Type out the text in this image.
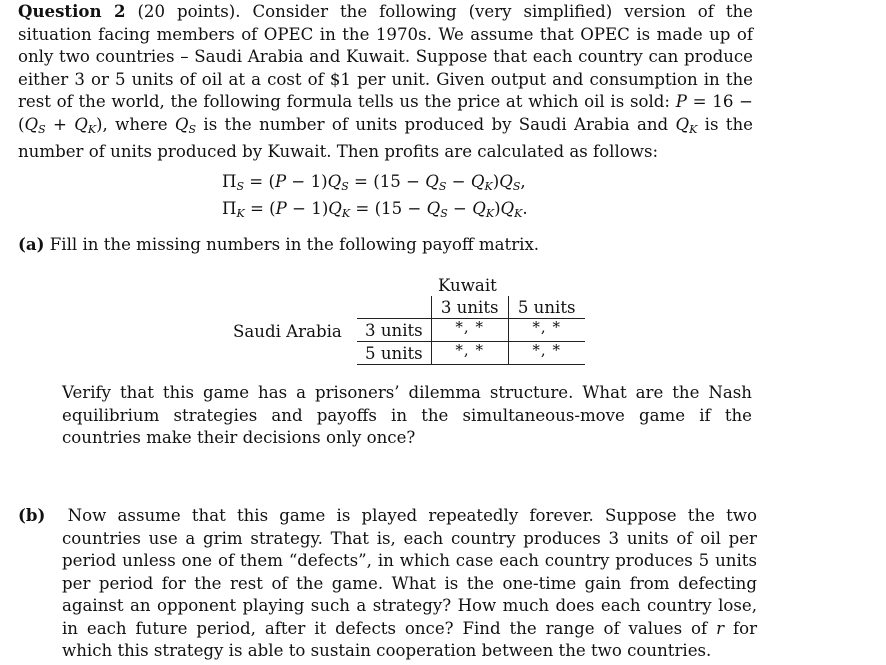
Question 2 (20 points). Consider the following (very simplified) version of the situation facing members of OPEC in the 1970s. We assume that OPEC is made up of only two countries – Saudi Arabia and Kuwait. Suppose that each country can produce either 3 or 5 units of oil at a cost of $1 per unit. Given output and consumption in the rest of the world, the following formula tells us the price at which oil is sold: $P = 16 - (Q_S + Q_K)$, where $Q_S$ is the number of units produced by Saudi Arabia and $Q_K$ is the number of units produced by Kuwait. Then profits are calculated as follows:

$\Pi_S = (P - 1)Q_S = (15 - Q_S - Q_K)Q_S$,
$\Pi_K = (P - 1)Q_K = (15 - Q_S - Q_K)Q_K$.

(a) Fill in the missing numbers in the following payoff matrix.

Kuwait
Saudi Arabia
	3 units	5 units
3 units	*, *	*, *
5 units	*, *	*, *

Verify that this game has a prisoners’ dilemma structure. What are the Nash equilibrium strategies and payoffs in the simultaneous-move game if the countries make their decisions only once?

(b) Now assume that this game is played repeatedly forever. Suppose the two countries use a grim strategy. That is, each country produces 3 units of oil per period unless one of them “defects”, in which case each country produces 5 units per period for the rest of the game. What is the one-time gain from defecting against an opponent playing such a strategy? How much does each country lose, in each future period, after it defects once? Find the range of values of r for which this strategy is able to sustain cooperation between the two countries.
